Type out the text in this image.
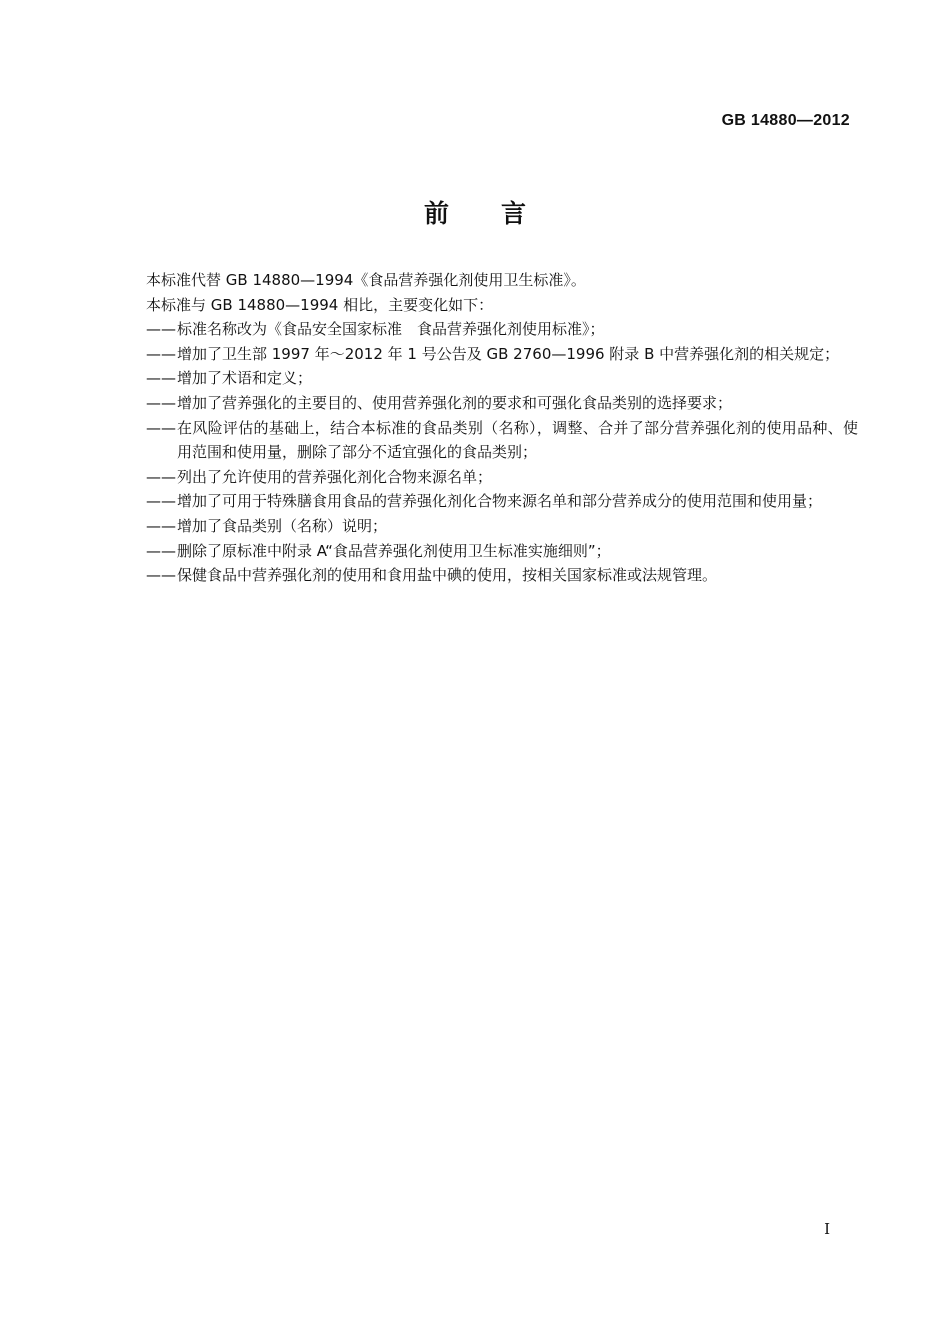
GB 14880—2012
前言

本标准代替 GB 14880—1994《食品营养强化剂使用卫生标准》。

本标准与 GB 14880—1994 相比，主要变化如下：

—— 标准名称改为《食品安全国家标准　食品营养强化剂使用标准》；
—— 增加了卫生部 1997 年～2012 年 1 号公告及 GB 2760—1996 附录 B 中营养强化剂的相关规定；
—— 增加了术语和定义；
—— 增加了营养强化的主要目的、使用营养强化剂的要求和可强化食品类别的选择要求；
—— 在风险评估的基础上，结合本标准的食品类别（名称），调整、合并了部分营养强化剂的使用品种、使用范围和使用量，删除了部分不适宜强化的食品类别；
—— 列出了允许使用的营养强化剂化合物来源名单；
—— 增加了可用于特殊膳食用食品的营养强化剂化合物来源名单和部分营养成分的使用范围和使用量；
—— 增加了食品类别（名称）说明；
—— 删除了原标准中附录 A“食品营养强化剂使用卫生标准实施细则”；
—— 保健食品中营养强化剂的使用和食用盐中碘的使用，按相关国家标准或法规管理。
I
